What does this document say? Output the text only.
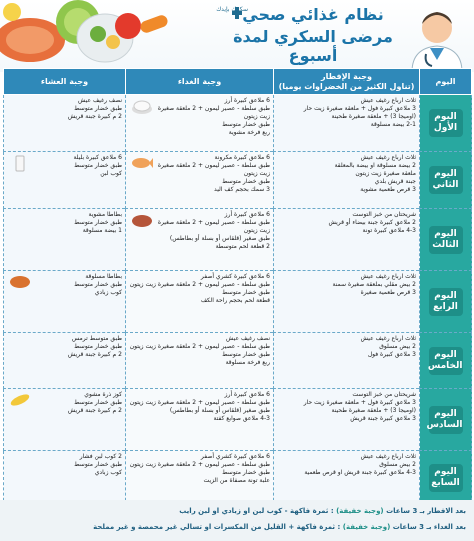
نظام غذائي صحي
مرضى السكري لمدة أسبوع
سكرك بإيدك
اليوم	وجبة الإفطار
(تناول الكثير من الخضراوات يوميا)	وجبة الغداء	وجبة العشاء

اليوم
الأول	ثلاث ارباع رغيف عيش
3 ملاعق كبيرة فول + ملعقة صغيرة زيت حار
(اوميجا 3) + ملعقة صغيرة طحينة
2-1 بيضة مسلوقة	6 ملاعق كبيرة أرز
طبق سلطة - عصير ليمون + 2 ملعقة صغيرة زيت زيتون
طبق خضار متوسط
ربع فرخة مشوية	نصف رغيف عيش
طبق خضار متوسط
2 م كبيرة جبنة قريش

اليوم
الثاني	ثلاث ارباع رغيف عيش
2 بيضة مسلوقة او بيضة بالمعلقة
ملعقة صغيرة زيت زيتون
جبنة قريش بلدي
3 قرص طعمية مشوية	6 ملاعق كبيرة مكرونة
طبق سلطة - عصير ليمون + 2 ملعقة صغيرة زيت زيتون
طبق خضار متوسط
3 سمك بحجم كف اليد	6 ملاعق كبيرة بليلة
طبق خضار متوسط
كوب لبن

اليوم
الثالث	شريحتان من خبز التوست
2 ملاعق كبيرة جبنة بيضاء أو قريش
4-3 ملاعق كبيرة تونة	6 ملاعق كبيرة أرز
طبق سلطة - عصير ليمون + 2 ملعقة صغيرة زيت زيتون
طبق صغير (قلقاس أو بسلة أو بطاطس)
2 قطعة لحم متوسطة	بطاطا مشوية
طبق خضار متوسط
1 بيضة مسلوقة

اليوم
الرابع	ثلاث ارباع رغيف عيش
2 بيض مقلي بملعقة صغيرة سمنة
3 قرص طعمية صغيرة	6 ملاعق كبيرة كشري أصفر
طبق سلطة - عصير ليمون + 2 ملعقة صغيرة زيت زيتون
طبق خضار متوسط
قطعة لحم بحجم راحة الكف	بطاطا مسلوقة
طبق خضار متوسط
كوب زبادي

اليوم
الخامس	ثلاث ارباع رغيف عيش
2 بيض مسلوق
3 ملاعق كبيرة فول	نصف رغيف عيش
طبق سلطة - عصير ليمون + 2 ملعقة صغيرة زيت زيتون
طبق خضار متوسط
ربع فرخة مسلوقة	طبق متوسط ترمس
طبق خضار متوسط
2 م كبيرة جبنة قريش

اليوم
السادس	شريحتان من خبز التوست
3 ملاعق كبيرة فول + ملعقة صغيرة زيت حار
(اوميجا 3) + ملعقة صغيرة طحينة
3 ملاعق كبيرة جبنة قريش	6 ملاعق كبيرة أرز
طبق سلطة - عصير ليمون + 2 ملعقة صغيرة زيت زيتون
طبق صغير (قلقاس أو بسلة أو بطاطس)
4-3 ملاعق صوابع كفتة	كوز ذرة مشوي
طبق خضار متوسط
2 م كبيرة جبنة قريش

اليوم
السابع	ثلاث ارباع رغيف عيش
2 بيض مسلوق
4-3 ملاعق كبيرة جبنة قريش او قرص طعمية	6 ملاعق كبيرة كشري أصفر
طبق سلطة - عصير ليمون + 2 ملعقة صغيرة زيت زيتون
طبق خضار متوسط
علبة تونة مصفاة من الزيت	2 كوب لبن فشار
طبق خضار متوسط
كوب زبادي
بعد الافطار بـ 3 ساعات (وجبة خفيفة) : ثمرة فاكهة - كوب لبن او زبادي او لبن رايب
بعد الغداء بـ 3 ساعات (وجبة خفيفة) : ثمرة فاكهة + القليل من المكسرات او تسالي غير محمصة و غير مملحة
